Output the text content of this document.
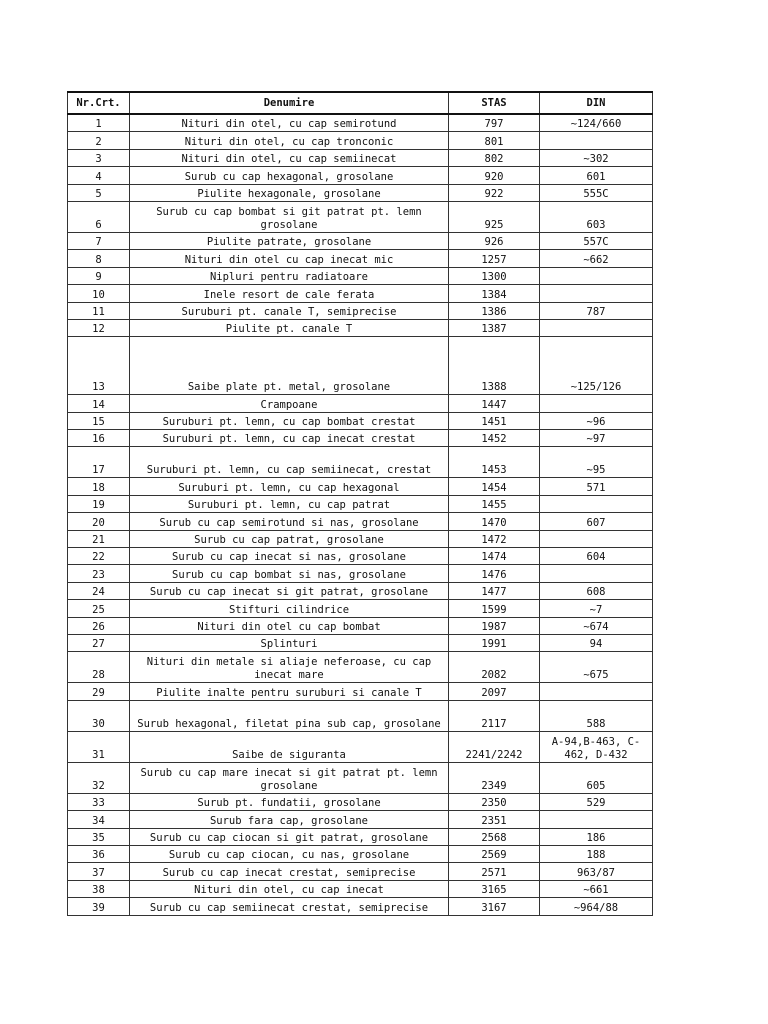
Nr.Crt.	Denumire	STAS	DIN
1	Nituri din otel, cu cap semirotund	797	~124/660
2	Nituri din otel, cu cap tronconic	801	
3	Nituri din otel, cu cap semiinecat	802	~302
4	Surub cu cap hexagonal, grosolane	920	601
5	Piulite hexagonale, grosolane	922	555C
6	Surub cu cap bombat si git patrat pt. lemn grosolane	925	603
7	Piulite patrate, grosolane	926	557C
8	Nituri din otel cu cap inecat mic	1257	~662
9	Nipluri pentru radiatoare	1300	
10	Inele resort de cale ferata	1384	
11	Suruburi pt. canale T, semiprecise	1386	787
12	Piulite pt. canale T	1387	
13	Saibe plate pt. metal, grosolane	1388	~125/126
14	Crampoane	1447	
15	Suruburi pt. lemn, cu cap bombat crestat	1451	~96
16	Suruburi pt. lemn, cu cap inecat crestat	1452	~97
17	Suruburi pt. lemn, cu cap semiinecat, crestat	1453	~95
18	Suruburi pt. lemn, cu cap hexagonal	1454	571
19	Suruburi pt. lemn, cu cap patrat	1455	
20	Surub cu cap semirotund si nas, grosolane	1470	607
21	Surub cu cap patrat, grosolane	1472	
22	Surub cu cap inecat si nas, grosolane	1474	604
23	Surub cu cap bombat si nas, grosolane	1476	
24	Surub cu cap inecat si git patrat, grosolane	1477	608
25	Stifturi cilindrice	1599	~7
26	Nituri din otel cu cap bombat	1987	~674
27	Splinturi	1991	94
28	Nituri din metale si aliaje neferoase, cu cap inecat mare	2082	~675
29	Piulite inalte pentru suruburi si canale T	2097	
30	Surub hexagonal, filetat pina sub cap, grosolane	2117	588
31	Saibe de siguranta	2241/2242	A-94,B-463, C-462, D-432
32	Surub cu cap mare inecat si git patrat pt. lemn grosolane	2349	605
33	Surub pt. fundatii, grosolane	2350	529
34	Surub fara cap, grosolane	2351	
35	Surub cu cap ciocan si git patrat, grosolane	2568	186
36	Surub cu cap ciocan, cu nas, grosolane	2569	188
37	Surub cu cap inecat crestat, semiprecise	2571	963/87
38	Nituri din otel, cu cap inecat	3165	~661
39	Surub cu cap semiinecat crestat, semiprecise	3167	~964/88
